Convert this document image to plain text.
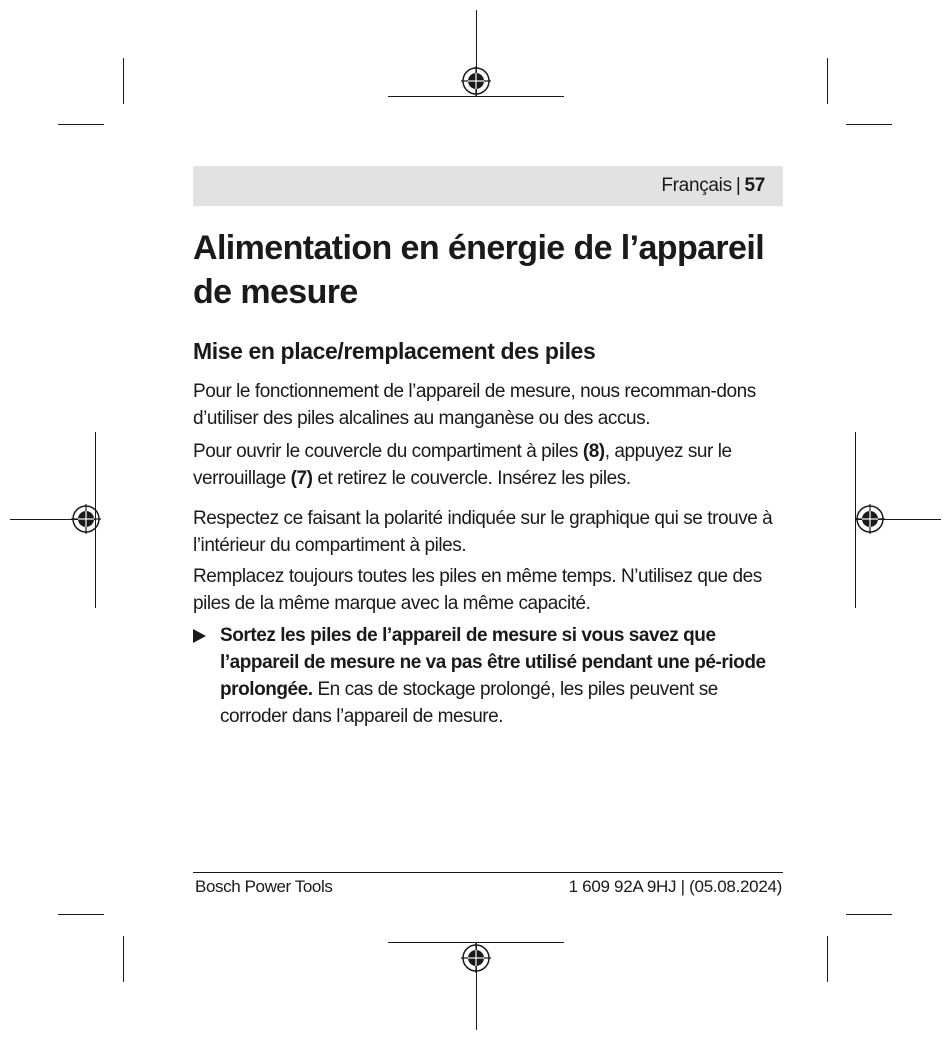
Français | 57
Alimentation en énergie de l’appareil de mesure
Mise en place/remplacement des piles

Pour le fonctionnement de l’appareil de mesure, nous recomman-dons d’utiliser des piles alcalines au manganèse ou des accus.

Pour ouvrir le couvercle du compartiment à piles (8), appuyez sur le verrouillage (7) et retirez le couvercle. Insérez les piles.

Respectez ce faisant la polarité indiquée sur le graphique qui se trouve à l’intérieur du compartiment à piles.

Remplacez toujours toutes les piles en même temps. N’utilisez que des piles de la même marque avec la même capacité.

Sortez les piles de l’appareil de mesure si vous savez que l’appareil de mesure ne va pas être utilisé pendant une pé-riode prolongée. En cas de stockage prolongé, les piles peuvent se corroder dans l’appareil de mesure.

Bosch Power Tools	1 609 92A 9HJ | (05.08.2024)
